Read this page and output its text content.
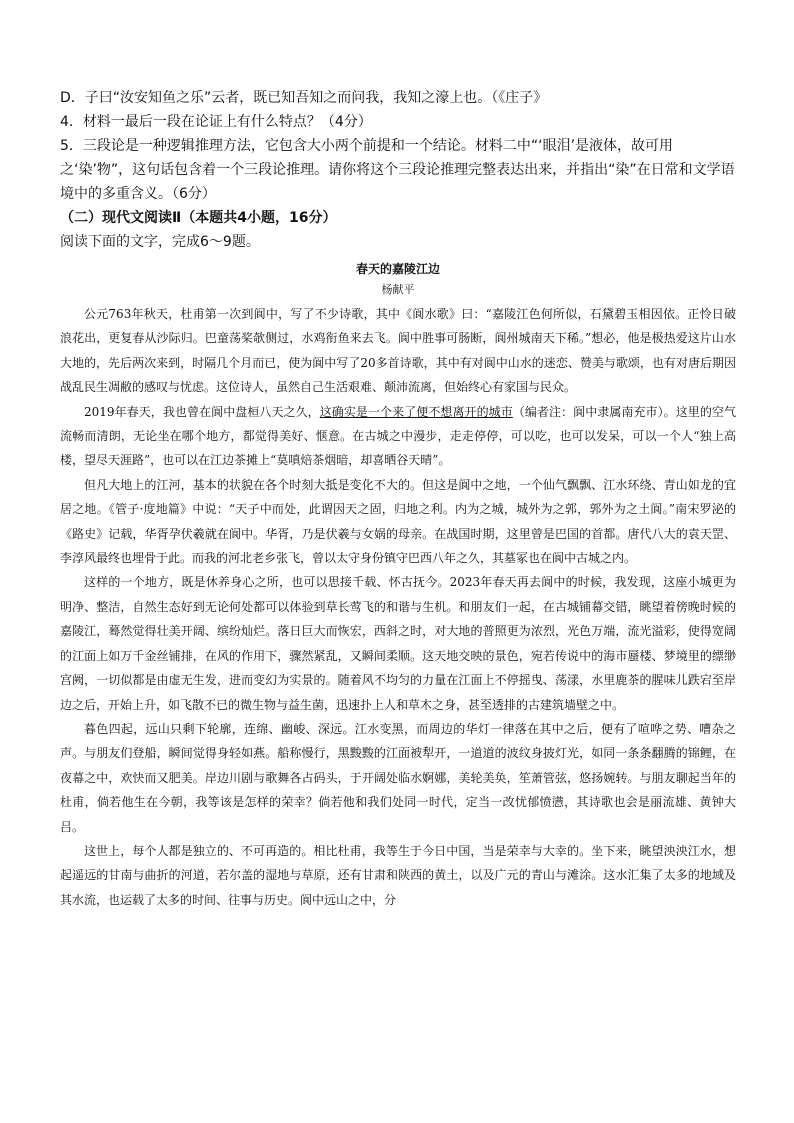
D．子曰“汝安知鱼之乐”云者，既已知吾知之而问我，我知之濠上也。（《庄子》

4．材料一最后一段在论证上有什么特点？（4分）

5．三段论是一种逻辑推理方法，它包含大小两个前提和一个结论。材料二中“‘眼泪’是液体，故可用之‘染’物”，这句话包含着一个三段论推理。请你将这个三段论推理完整表达出来，并指出“染”在日常和文学语境中的多重含义。（6分）

（二）现代文阅读Ⅱ（本题共4小题，16分）

阅读下面的文字，完成6～9题。

春天的嘉陵江边

杨献平

公元763年秋天，杜甫第一次到阆中，写了不少诗歌，其中《阆水歌》曰：“嘉陵江色何所似，石黛碧玉相因依。正怜日破浪花出，更复春从沙际归。巴童荡桨欹侧过，水鸡衔鱼来去飞。阆中胜事可肠断，阆州城南天下稀。”想必，他是极热爱这片山水大地的，先后两次来到，时隔几个月而已，使为阆中写了20多首诗歌，其中有对阆中山水的迷恋、赞美与歌颂，也有对唐后期因战乱民生凋敝的感叹与忧虑。这位诗人，虽然自己生活艰难、颠沛流离，但始终心有家国与民众。

2019年春天，我也曾在阆中盘桓八天之久，这确实是一个来了便不想离开的城市（编者注：阆中隶属南充市）。这里的空气流畅而清朗，无论坐在哪个地方，都觉得美好、惬意。在古城之中漫步，走走停停，可以吃，也可以发呆，可以一个人“独上高楼，望尽天涯路”，也可以在江边茶摊上“莫嗔焙茶烟暗，却喜晒谷天晴”。

但凡大地上的江河，基本的状貌在各个时刻大抵是变化不大的。但这是阆中之地，一个仙气飘飘、江水环绕、青山如龙的宜居之地。《管子·度地篇》中说：“天子中而处，此谓因天之固，归地之利。内为之城，城外为之郭，郭外为之土阆。”南宋罗泌的《路史》记载，华胥孕伏羲就在阆中。华胥，乃是伏羲与女娲的母亲。在战国时期，这里曾是巴国的首都。唐代八大的袁天罡、李淳风最终也埋骨于此。而我的河北老乡张飞，曾以太守身份镇守巴西八年之久，其墓冢也在阆中古城之内。

这样的一个地方，既是休养身心之所，也可以思接千载、怀古抚今。2023年春天再去阆中的时候，我发现，这座小城更为明净、整洁，自然生态好到无论何处都可以体验到草长莺飞的和谐与生机。和朋友们一起，在古城铺幕交错，眺望着傍晚时候的嘉陵江，蓦然觉得壮美开阔、缤纷灿烂。落日巨大而恢宏，西斜之时，对大地的普照更为浓烈，光色万端，流光溢彩，使得宽阔的江面上如万千金丝铺排，在风的作用下，骤然紧乱，又瞬间柔顺。这天地交映的景色，宛若传说中的海市蜃楼、梦境里的缥缈宫阙，一切似都是由虚无生发，进而变幻为实景的。随着风不均匀的力量在江面上不停摇曳、荡漾，水里鹿茶的腥味儿跌宕至岸边之后，开始上升，如飞散不已的微生物与益生菌，迅速扑上人和草木之身，甚至透排的古建筑墙壁之中。

暮色四起，远山只剩下轮廓，连绵、幽峻、深远。江水变黑，而周边的华灯一律落在其中之后，便有了喧哗之势、嘈杂之声。与朋友们登船，瞬间觉得身轻如燕。船称慢行，黑黢黢的江面被犁开，一道道的波纹身披灯光，如同一条条翻腾的锦鲤，在夜幕之中，欢快而又肥美。岸边川剧与歌舞各占码头，于开阔处临水婀娜，美轮美奂，笙萧管弦，悠扬婉转。与朋友聊起当年的杜甫，倘若他生在今朝，我等该是怎样的荣幸？倘若他和我们处同一时代，定当一改忧郁愤懑，其诗歌也会是丽流雄、黄钟大吕。

这世上，每个人都是独立的、不可再造的。相比杜甫，我等生于今日中国，当是荣幸与大幸的。坐下来，眺望泱泱江水，想起遥远的甘南与曲折的河道，若尔盖的湿地与草原，还有甘肃和陕西的黄土，以及广元的青山与滩涂。这水汇集了太多的地域及其水流，也运载了太多的时间、往事与历史。阆中远山之中，分
